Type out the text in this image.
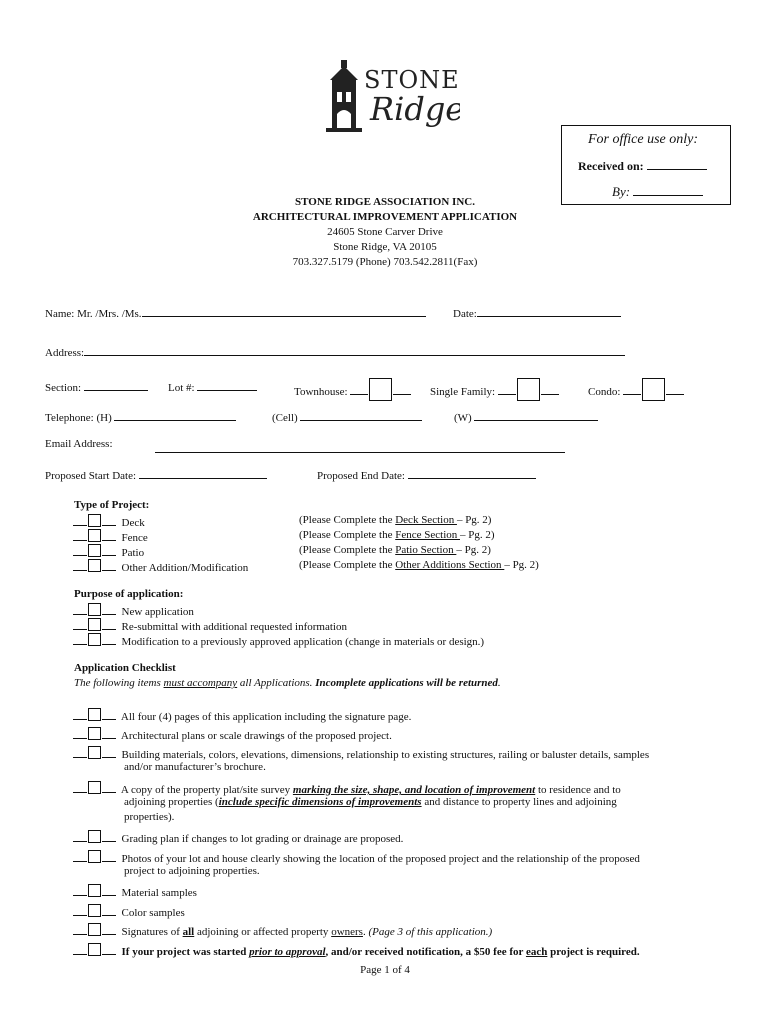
STONE
Ridge
For office use only:
Received on:
By:
STONE RIDGE ASSOCIATION INC.
ARCHITECTURAL IMPROVEMENT APPLICATION
24605 Stone Carver Drive
Stone Ridge, VA 20105
703.327.5179 (Phone) 703.542.2811(Fax)
Name: Mr. /Mrs. /Ms.	Date:
Address:
Section:	Lot #:	Townhouse:	Single Family:	Condo:
Telephone: (H)	(Cell)	(W)
Email Address:
Proposed Start Date:	Proposed End Date:
Type of Project:
Deck	(Please Complete the Deck Section – Pg. 2)
Fence	(Please Complete the Fence Section – Pg. 2)
Patio	(Please Complete the Patio Section – Pg. 2)
Other Addition/Modification	(Please Complete the Other Additions Section – Pg. 2)
Purpose of application:
New application
Re-submittal with additional requested information
Modification to a previously approved application (change in materials or design.)
Application Checklist
The following items must accompany all Applications. Incomplete applications will be returned.
All four (4) pages of this application including the signature page.
Architectural plans or scale drawings of the proposed project.
Building materials, colors, elevations, dimensions, relationship to existing structures, railing or baluster details, samples
and/or manufacturer’s brochure.
A copy of the property plat/site survey marking the size, shape, and location of improvement to residence and to
adjoining properties (include specific dimensions of improvements and distance to property lines and adjoining
properties).
Grading plan if changes to lot grading or drainage are proposed.
Photos of your lot and house clearly showing the location of the proposed project and the relationship of the proposed
project to adjoining properties.
Material samples
Color samples
Signatures of all adjoining or affected property owners. (Page 3 of this application.)
If your project was started prior to approval, and/or received notification, a $50 fee for each project is required.
Page 1 of 4
